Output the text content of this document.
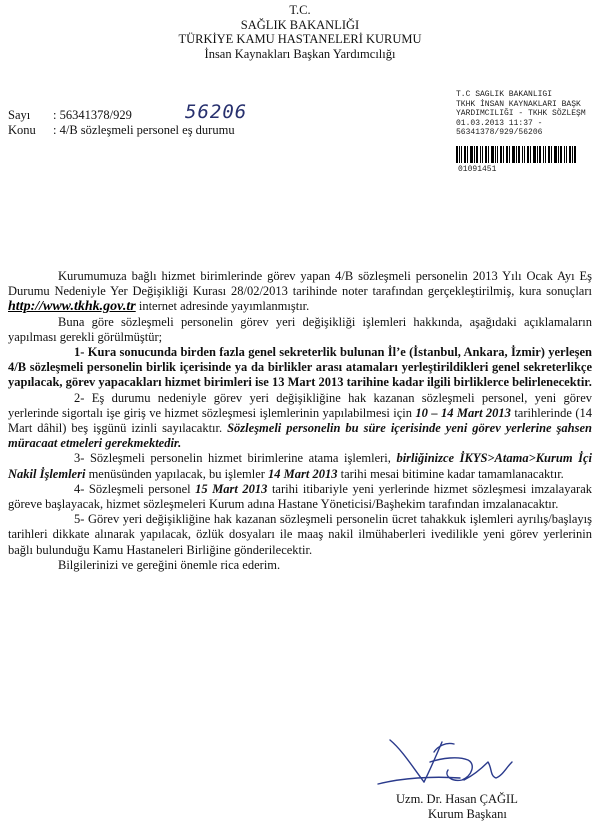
T.C.
SAĞLIK BAKANLIĞI
TÜRKİYE KAMU HASTANELERİ KURUMU
İnsan Kaynakları Başkan Yardımcılığı
Sayı : 56341378/929	56206
Konu : 4/B sözleşmeli personel eş durumu
T.C SAĞLIK BAKANLIĞI
TKHK İNSAN KAYNAKLARI BAŞK
YARDIMCILIĞI - TKHK SÖZLEŞM
01.03.2013 11:37 -
56341378/929/56206
01091451

Kurumumuza bağlı hizmet birimlerinde görev yapan 4/B sözleşmeli personelin 2013 Yılı Ocak Ayı Eş Durumu Nedeniyle Yer Değişikliği Kurası 28/02/2013 tarihinde noter tarafından gerçekleştirilmiş, kura sonuçları http://www.tkhk.gov.tr internet adresinde yayımlanmıştır.

Buna göre sözleşmeli personelin görev yeri değişikliği işlemleri hakkında, aşağıdaki açıklamaların yapılması gerekli görülmüştür;

1- Kura sonucunda birden fazla genel sekreterlik bulunan İl’e (İstanbul, Ankara, İzmir) yerleşen 4/B sözleşmeli personelin birlik içerisinde ya da birlikler arası atamaları yerleştirildikleri genel sekreterlikçe yapılacak, görev yapacakları hizmet birimleri ise 13 Mart 2013 tarihine kadar ilgili birliklerce belirlenecektir.

2- Eş durumu nedeniyle görev yeri değişikliğine hak kazanan sözleşmeli personel, yeni görev yerlerinde sigortalı işe giriş ve hizmet sözleşmesi işlemlerinin yapılabilmesi için 10 – 14 Mart 2013 tarihlerinde (14 Mart dâhil) beş işgünü izinli sayılacaktır. Sözleşmeli personelin bu süre içerisinde yeni görev yerlerine şahsen müracaat etmeleri gerekmektedir.

3- Sözleşmeli personelin hizmet birimlerine atama işlemleri, birliğinizce İKYS>Atama>Kurum İçi Nakil İşlemleri menüsünden yapılacak, bu işlemler 14 Mart 2013 tarihi mesai bitimine kadar tamamlanacaktır.

4- Sözleşmeli personel 15 Mart 2013 tarihi itibariyle yeni yerlerinde hizmet sözleşmesi imzalayarak göreve başlayacak, hizmet sözleşmeleri Kurum adına Hastane Yöneticisi/Başhekim tarafından imzalanacaktır.

5- Görev yeri değişikliğine hak kazanan sözleşmeli personelin ücret tahakkuk işlemleri ayrılış/başlayış tarihleri dikkate alınarak yapılacak, özlük dosyaları ile maaş nakil ilmühaberleri ivedilikle yeni görev yerlerinin bağlı bulunduğu Kamu Hastaneleri Birliğine gönderilecektir.

Bilgilerinizi ve gereğini önemle rica ederim.

Uzm. Dr. Hasan ÇAĞIL
Kurum Başkanı
